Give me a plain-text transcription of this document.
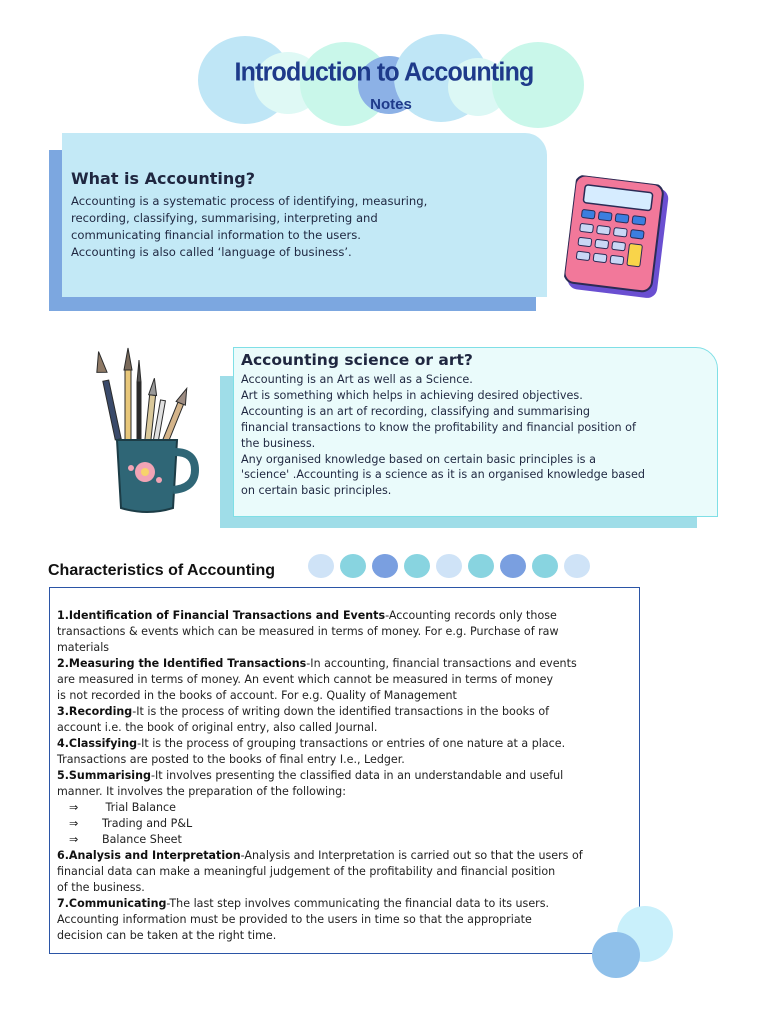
Introduction to Accounting
Notes
What is Accounting?

Accounting is a systematic process of identifying, measuring,
recording, classifying, summarising, interpreting and
communicating financial information to the users.
Accounting is also called ‘language of business’.

Accounting science or art?

Accounting is an Art as well as a Science.
Art is something which helps in achieving desired objectives.
Accounting is an art of recording, classifying and summarising
financial transactions to know the profitability and financial position of
the business.
Any organised knowledge based on certain basic principles is a
'science' .Accounting is a science as it is an organised knowledge based
on certain basic principles.

Characteristics of Accounting
1.Identification of Financial Transactions and Events-Accounting records only those
transactions & events which can be measured in terms of money. For e.g. Purchase of raw
materials
2.Measuring the Identified Transactions-In accounting, financial transactions and events
are measured in terms of money. An event which cannot be measured in terms of money
is not recorded in the books of account. For e.g. Quality of Management
3.Recording-It is the process of writing down the identified transactions in the books of
account i.e. the book of original entry, also called Journal.
4.Classifying-It is the process of grouping transactions or entries of one nature at a place.
Transactions are posted to the books of final entry I.e., Ledger.
5.Summarising-It involves presenting the classified data in an understandable and useful
manner. It involves the preparation of the following:
⇒ Trial Balance
⇒ Trading and P&L
⇒ Balance Sheet
6.Analysis and Interpretation-Analysis and Interpretation is carried out so that the users of
financial data can make a meaningful judgement of the profitability and financial position
of the business.
7.Communicating-The last step involves communicating the financial data to its users.
Accounting information must be provided to the users in time so that the appropriate
decision can be taken at the right time.
